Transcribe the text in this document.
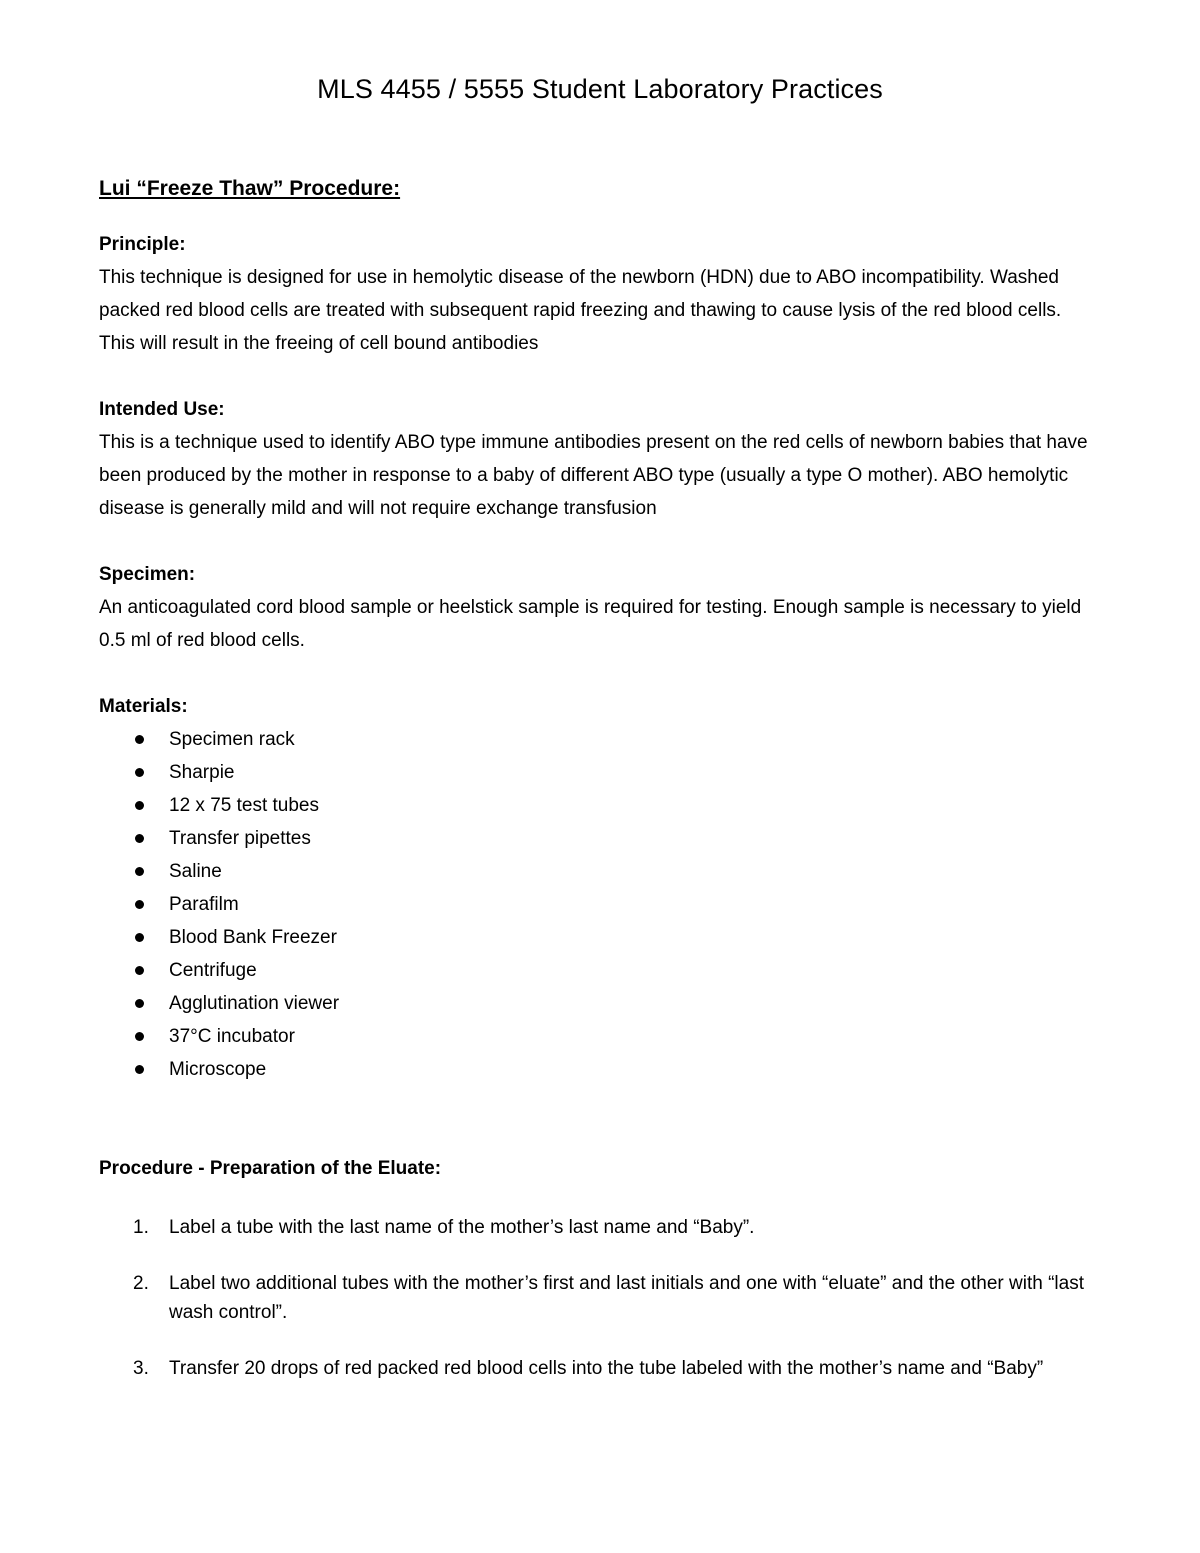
MLS 4455 / 5555 Student Laboratory Practices
Lui “Freeze Thaw” Procedure:
Principle:

This technique is designed for use in hemolytic disease of the newborn (HDN) due to ABO incompatibility. Washed packed red blood cells are treated with subsequent rapid freezing and thawing to cause lysis of the red blood cells. This will result in the freeing of cell bound antibodies

Intended Use:

This is a technique used to identify ABO type immune antibodies present on the red cells of newborn babies that have been produced by the mother in response to a baby of different ABO type (usually a type O mother). ABO hemolytic disease is generally mild and will not require exchange transfusion

Specimen:

An anticoagulated cord blood sample or heelstick sample is required for testing. Enough sample is necessary to yield 0.5 ml of red blood cells.

Materials:
Specimen rack
Sharpie
12 x 75 test tubes
Transfer pipettes
Saline
Parafilm
Blood Bank Freezer
Centrifuge
Agglutination viewer
37°C incubator
Microscope
Procedure - Preparation of the Eluate:
1. Label a tube with the last name of the mother’s last name and “Baby”.
2. Label two additional tubes with the mother’s first and last initials and one with “eluate” and the other with “last wash control”.
3. Transfer 20 drops of red packed red blood cells into the tube labeled with the mother’s name and “Baby”
